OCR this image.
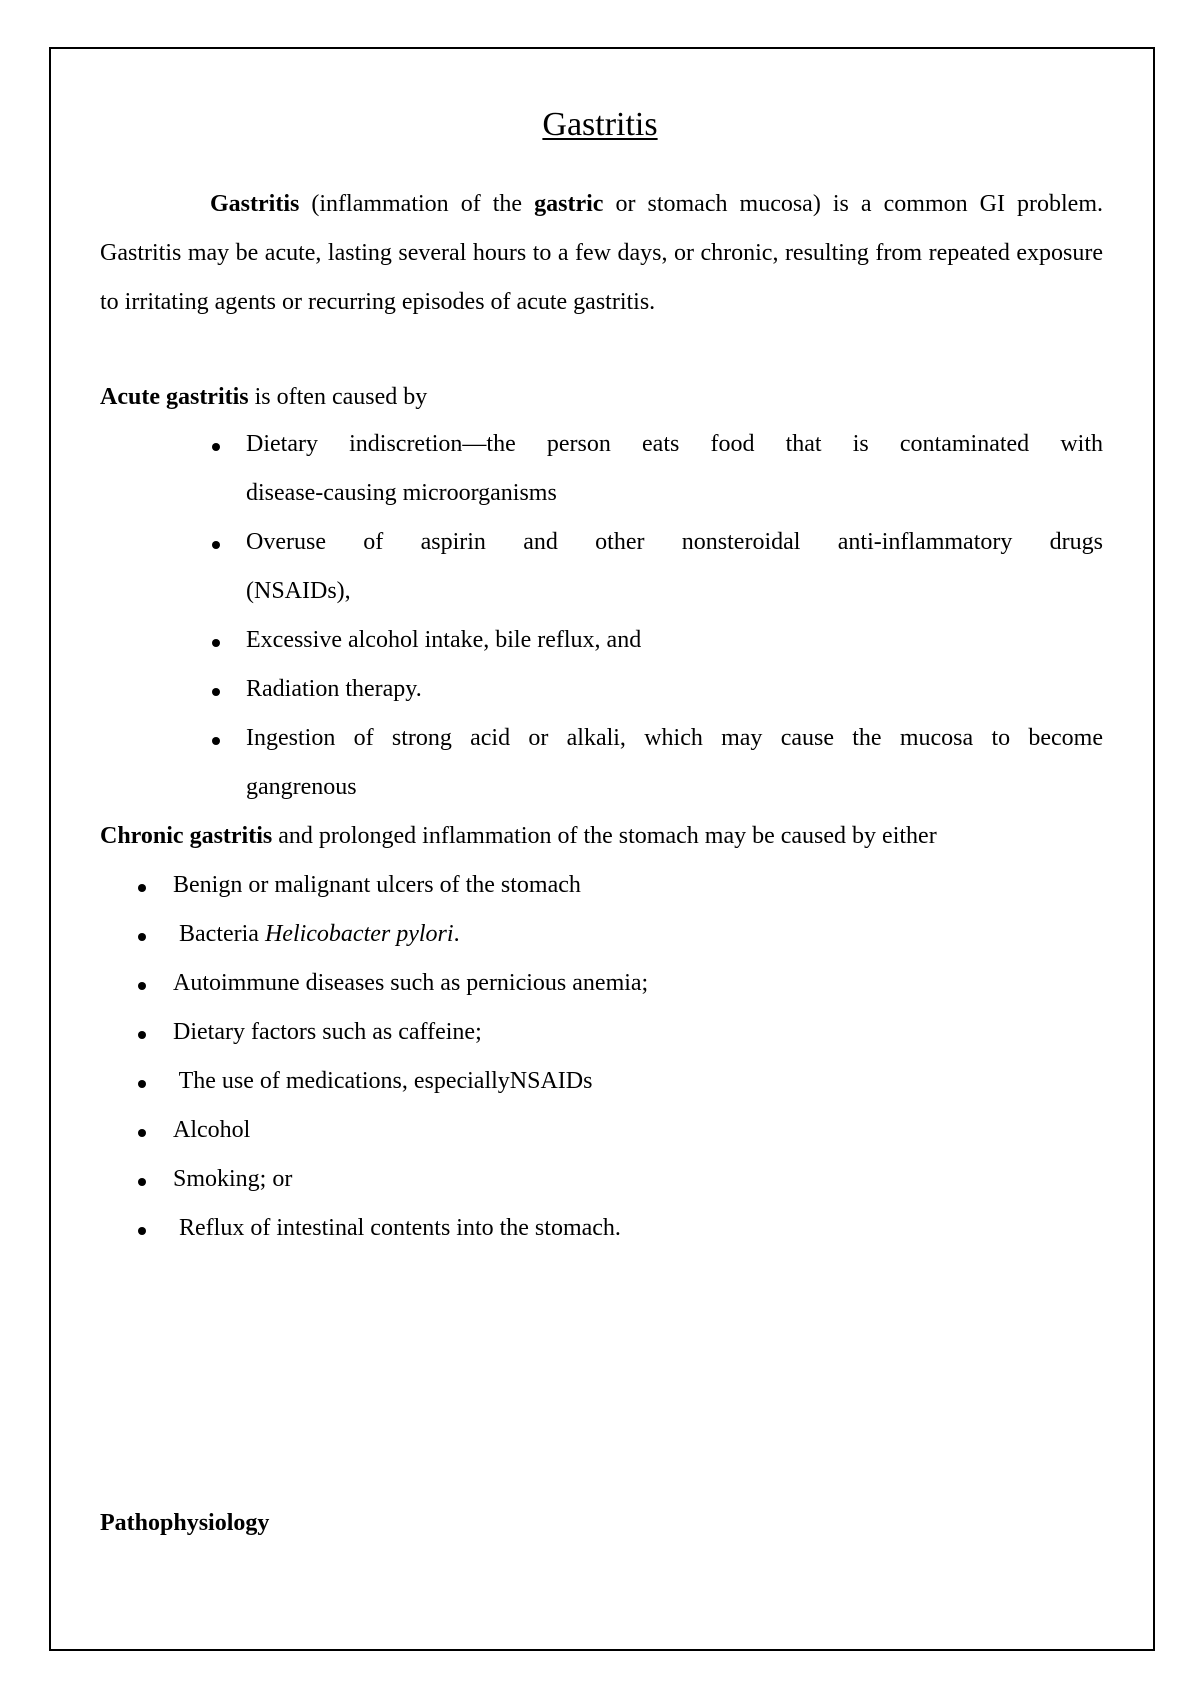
Gastritis

Gastritis (inflammation of the gastric or stomach mucosa) is a common GI problem. Gastritis may be acute, lasting several hours to a few days, or chronic, resulting from repeated exposure to irritating agents or recurring episodes of acute gastritis.

Acute gastritis is often caused by
Dietary indiscretion—the person eats food that is contaminated with
disease-causing microorganisms
Overuse of aspirin and other nonsteroidal anti-inflammatory drugs
(NSAIDs),
Excessive alcohol intake, bile reflux, and
Radiation therapy.
Ingestion of strong acid or alkali, which may cause the mucosa to become
gangrenous
Chronic gastritis and prolonged inflammation of the stomach may be caused by either
Benign or malignant ulcers of the stomach
Bacteria Helicobacter pylori.
Autoimmune diseases such as pernicious anemia;
Dietary factors such as caffeine;
The use of medications, especiallyNSAIDs
Alcohol
Smoking; or
Reflux of intestinal contents into the stomach.
Pathophysiology
